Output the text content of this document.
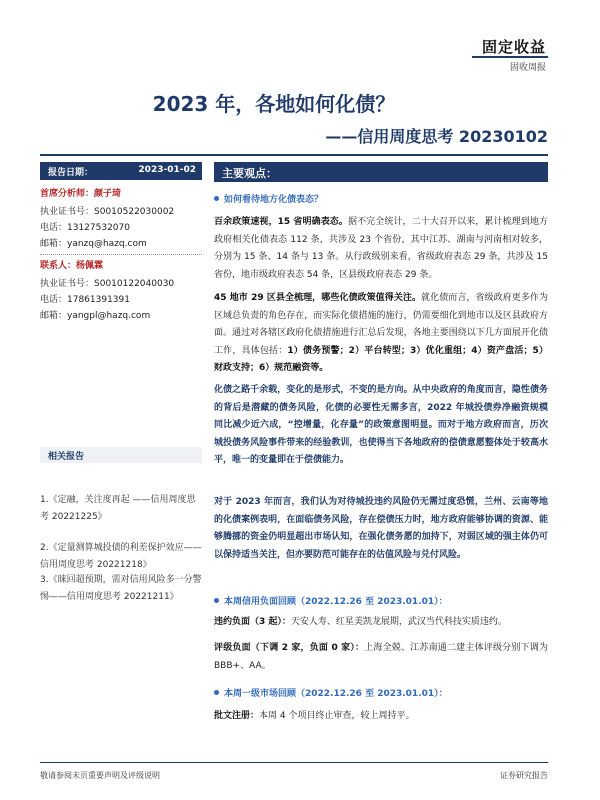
固定收益
固收周报
2023 年，各地如何化债？
——信用周度思考 20230102
报告日期：	2023-01-02
首席分析师：颜子琦
执业证书号：S0010522030002
电话：13127532070
邮箱：yanzq@hazq.com
联系人：杨佩霖
执业证书号：S0010122040030
电话：17861391391
邮箱：yangpl@hazq.com
相关报告
1.《定融，关注度再起 ——信用周度思考 20221225》
2.《定量测算城投债的利差保护效应——信用周度思考 20221218》
3.《睐回超预期，需对信用风险多一分警惕——信用周度思考 20221211》
主要观点：
如何看待地方化债表态？
百余政策速视，15 省明确表态。据不完全统计，二十大召开以来，累计梳理到地方政府相关化债表态 112 条，共涉及 23 个省份，其中江苏、湖南与河南相对较多，分别为 15 条、14 条与 13 条。从行政级别来看，省级政府表态 29 条，共涉及 15 省份，地市级政府表态 54 条，区县级政府表态 29 条。
45 地市 29 区县全梳理，哪些化债政策值得关注。就化债而言，省级政府更多作为区域总负责的角色存在，而实际化债措施的施行，仍需要细化到地市以及区县政府方面。通过对各辖区政府化债措施进行汇总后发现，各地主要围绕以下几方面展开化债工作，具体包括：1）债务预警；2）平台转型；3）优化重组；4）资产盘活；5）财政支持；6）规范融资等。
化债之路千余载，变化的是形式，不变的是方向。从中央政府的角度而言，隐性债务的背后是潜藏的债务风险，化债的必要性无需多言，2022 年城投债券净融资规模同比减少近六成，“控增量，化存量”的政策意图明显。而对于地方政府而言，历次城投债务风险事件带来的经验教训，也使得当下各地政府的偿债意愿整体处于较高水平，唯一的变量即在于偿债能力。
对于 2023 年而言，我们认为对待城投违约风险仍无需过度恐慌，兰州、云南等地的化债案例表明，在面临债务风险，存在偿债压力时，地方政府能够协调的资源、能够腾挪的资金仍明显超出市场认知，在强化债务愿的加持下，对弱区域的强主体仍可以保持适当关注，但亦要防范可能存在的估值风险与兑付风险。
本周信用负面回顾（2022.12.26 至 2023.01.01）：
违约负面（3 起）：天安人寿、红星美凯龙展期，武汉当代科技实质违约。
评级负面（下调 2 家，负面 0 家）：上海全兢、江苏南通二建主体评级分别下调为 BBB+、AA。
本周一级市场回顾（2022.12.26 至 2023.01.01）：
批文注册：本周 4 个项目终止审查，较上周持平。
敬请参阅末页重要声明及评级说明	证券研究报告
